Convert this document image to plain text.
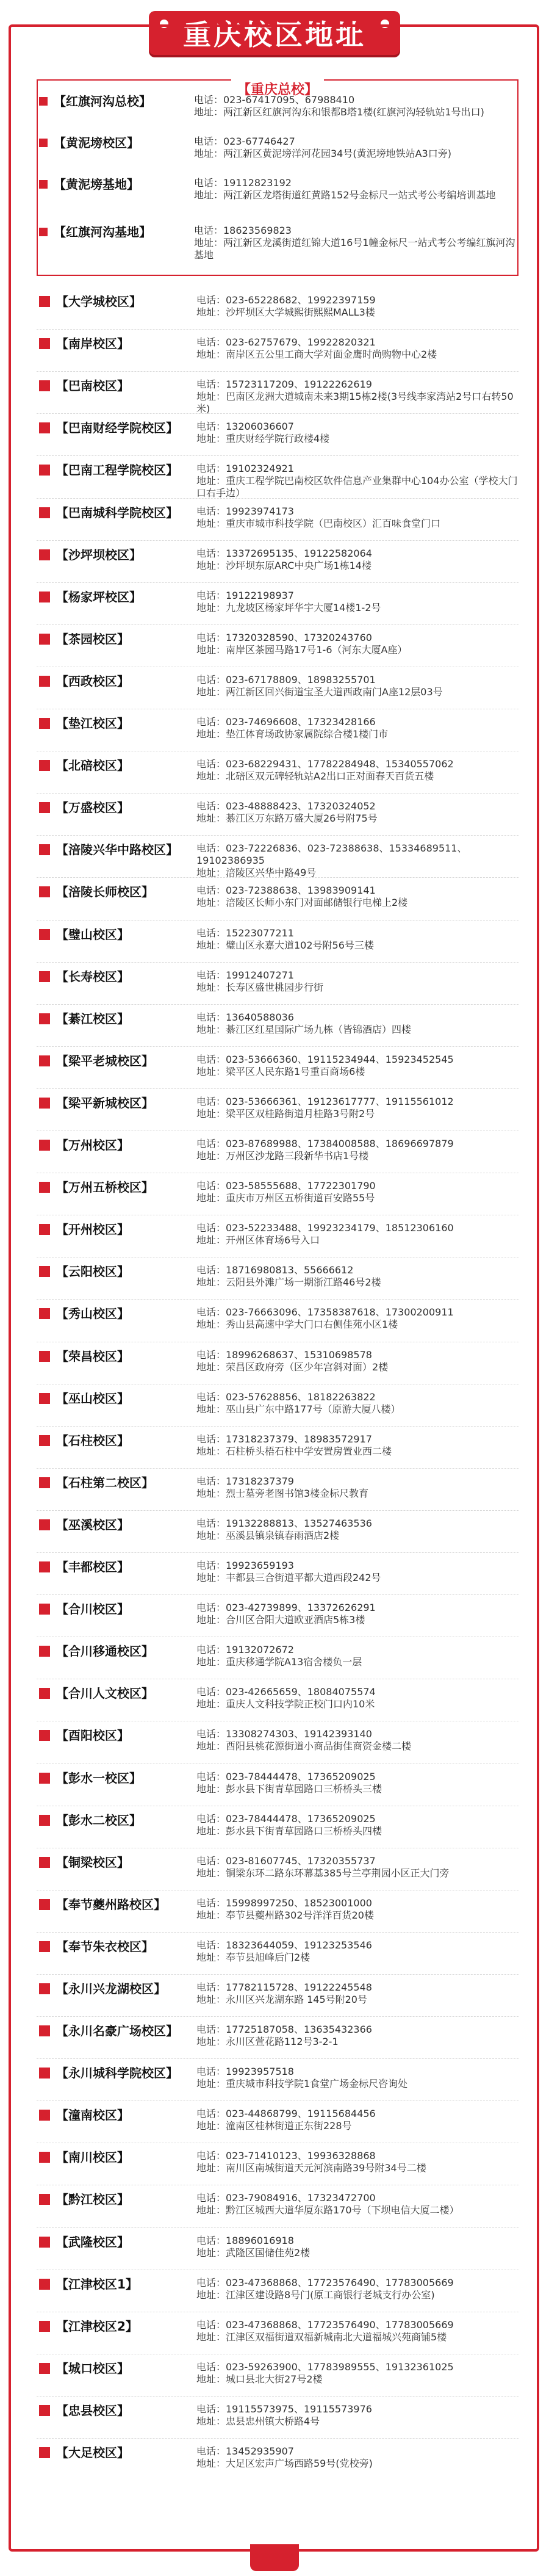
重庆校区地址
【重庆总校】
【红旗河沟总校】	电话：023-67417095、67988410
地址：两江新区红旗河沟东和银都B塔1楼(红旗河沟轻轨站1号出口)
【黄泥塝校区】	电话：023-67746427
地址：两江新区黄泥塝洋河花园34号(黄泥塝地铁站A3口旁)
【黄泥塝基地】	电话：19112823192
地址：两江新区龙塔街道红黄路152号金标尺一站式考公考编培训基地
【红旗河沟基地】	电话：18623569823
地址：两江新区龙溪街道红锦大道16号1幢金标尺一站式考公考编红旗河沟基地
【大学城校区】	电话：023-65228682、19922397159
地址：沙坪坝区大学城熙街熙熙MALL3楼
【南岸校区】	电话：023-62757679、19922820321
地址：南岸区五公里工商大学对面金鹰时尚购物中心2楼
【巴南校区】	电话：15723117209、19122262619
地址：巴南区龙洲大道城南未来3期15栋2楼(3号线李家湾站2号口右转50米)
【巴南财经学院校区】	电话：13206036607
地址：重庆财经学院行政楼4楼
【巴南工程学院校区】	电话：19102324921
地址：重庆工程学院巴南校区软件信息产业集群中心104办公室（学校大门口右手边）
【巴南城科学院校区】	电话：19923974173
地址：重庆市城市科技学院（巴南校区）汇百味食堂门口
【沙坪坝校区】	电话：13372695135、19122582064
地址：沙坪坝东原ARC中央广场1栋14楼
【杨家坪校区】	电话：19122198937
地址：九龙坡区杨家坪华宇大厦14楼1-2号
【茶园校区】	电话：17320328590、17320243760
地址：南岸区茶园马路17号1-6（河东大厦A座）
【西政校区】	电话：023-67178809、18983255701
地址：两江新区回兴街道宝圣大道西政南门A座12层03号
【垫江校区】	电话：023-74696608、17323428166
地址：垫江体育场政协家属院综合楼1楼门市
【北碚校区】	电话：023-68229431、17782284948、15340557062
地址：北碚区双元碑轻轨站A2出口正对面春天百货五楼
【万盛校区】	电话：023-48888423、17320324052
地址：綦江区万东路万盛大厦26号附75号
【涪陵兴华中路校区】	电话：023-72226836、023-72388638、15334689511、19102386935
地址：涪陵区兴华中路49号
【涪陵长师校区】	电话：023-72388638、13983909141
地址：涪陵区长师小东门对面邮储银行电梯上2楼
【璧山校区】	电话：15223077211
地址：璧山区永嘉大道102号附56号三楼
【长寿校区】	电话：19912407271
地址：长寿区盛世桃园步行街
【綦江校区】	电话：13640588036
地址：綦江区红星国际广场九栋（皆锦酒店）四楼
【梁平老城校区】	电话：023-53666360、19115234944、15923452545
地址：梁平区人民东路1号重百商场6楼
【梁平新城校区】	电话：023-53666361、19123617777、19115561012
地址：梁平区双桂路街道月桂路3号附2号
【万州校区】	电话：023-87689988、17384008588、18696697879
地址：万州区沙龙路三段新华书店1号楼
【万州五桥校区】	电话：023-58555688、17722301790
地址：重庆市万州区五桥街道百安路55号
【开州校区】	电话：023-52233488、19923234179、18512306160
地址：开州区体育场6号入口
【云阳校区】	电话：18716980813、55666612
地址：云阳县外滩广场一期浙江路46号2楼
【秀山校区】	电话：023-76663096、17358387618、17300200911
地址：秀山县高速中学大门口右侧佳苑小区1楼
【荣昌校区】	电话：18996268637、15310698578
地址：荣昌区政府旁（区少年宫斜对面）2楼
【巫山校区】	电话：023-57628856、18182263822
地址：巫山县广东中路177号（原游大厦八楼）
【石柱校区】	电话：17318237379、18983572917
地址：石柱桥头梧石柱中学安置房置业西二楼
【石柱第二校区】	电话：17318237379
地址：烈士墓旁老图书馆3楼金标尺教育
【巫溪校区】	电话：19132288813、13527463536
地址：巫溪县镇泉镇春雨酒店2楼
【丰都校区】	电话：19923659193
地址：丰都县三合街道平都大道西段242号
【合川校区】	电话：023-42739899、13372626291
地址：合川区合阳大道欧亚酒店5栋3楼
【合川移通校区】	电话：19132072672
地址：重庆移通学院A13宿舍楼负一层
【合川人文校区】	电话：023-42665659、18084075574
地址：重庆人文科技学院正校门口内10米
【酉阳校区】	电话：13308274303、19142393140
地址：酉阳县桃花源街道小商品街佳商资金楼二楼
【彭水一校区】	电话：023-78444478、17365209025
地址：彭水县下街青草园路口三桥桥头三楼
【彭水二校区】	电话：023-78444478、17365209025
地址：彭水县下街青草园路口三桥桥头四楼
【铜梁校区】	电话：023-81607745、17320355737
地址：铜梁东环二路东环幕基385号兰亭荆园小区正大门旁
【奉节夔州路校区】	电话：15998997250、18523001000
地址：奉节县夔州路302号洋洋百货20楼
【奉节朱衣校区】	电话：18323644059、19123253546
地址：奉节县旭峰后门2楼
【永川兴龙湖校区】	电话：17782115728、19122245548
地址：永川区兴龙湖东路 145号附20号
【永川名豪广场校区】	电话：17725187058、13635432366
地址：永川区萱花路112号3-2-1
【永川城科学院校区】	电话：19923957518
地址：重庆城市科技学院1食堂广场金标尺咨询处
【潼南校区】	电话：023-44868799、19115684456
地址：潼南区桂林街道正东街228号
【南川校区】	电话：023-71410123、19936328868
地址：南川区南城街道天元河滨南路39号附34号二楼
【黔江校区】	电话：023-79084916、17323472700
地址：黔江区城西大道华厦东路170号（下坝电信大厦二楼）
【武隆校区】	电话：18896016918
地址：武隆区国储佳苑2楼
【江津校区1】	电话：023-47368868、17723576490、17783005669
地址：江津区建设路8号门(原工商银行老城支行办公室)
【江津校区2】	电话：023-47368868、17723576490、17783005669
地址：江津区双福街道双福新城南北大道福城兴苑商铺5楼
【城口校区】	电话：023-59263900、17783989555、19132361025
地址：城口县北大街27号2楼
【忠县校区】	电话：19115573975、19115573976
地址：忠县忠州镇大桥路4号
【大足校区】	电话：13452935907
地址：大足区宏声广场西路59号(党校旁)
